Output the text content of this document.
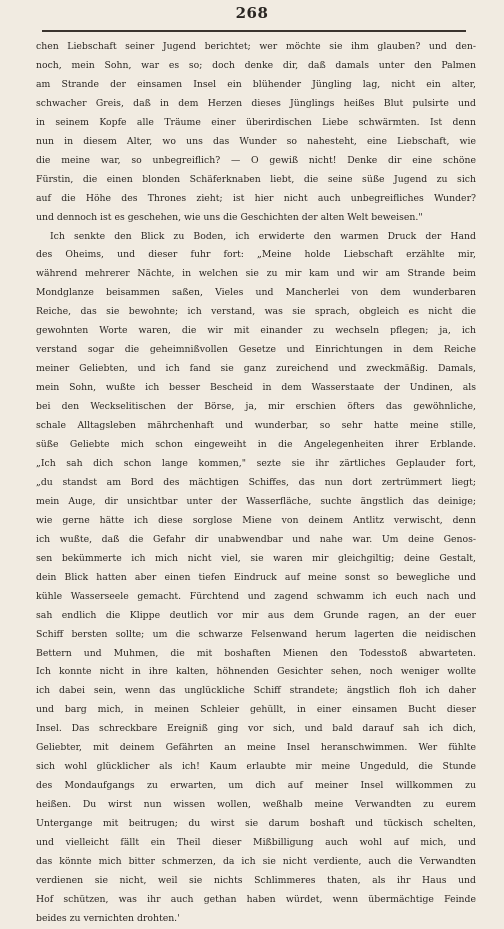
268
chen Liebschaft seiner Jugend berichtet; wer möchte sie ihm glauben? und den-
noch, mein Sohn, war es so; doch denke dir, daß damals unter den Palmen
am Strande der einsamen Insel ein blühender Jüngling lag, nicht ein alter,
schwacher Greis, daß in dem Herzen dieses Jünglings heißes Blut pulsirte und
in seinem Kopfe alle Träume einer überirdischen Liebe schwärmten. Ist denn
nun in diesem Alter, wo uns das Wunder so nahesteht, eine Liebschaft, wie
die meine war, so unbegreiflich? — O gewiß nicht! Denke dir eine schöne
Fürstin, die einen blonden Schäferknaben liebt, die seine süße Jugend zu sich
auf die Höhe des Thrones zieht; ist hier nicht auch unbegreifliches Wunder?
und dennoch ist es geschehen, wie uns die Geschichten der alten Welt beweisen."
Ich senkte den Blick zu Boden, ich erwiderte den warmen Druck der Hand
des Oheims, und dieser fuhr fort: „Meine holde Liebschaft erzählte mir,
während mehrerer Nächte, in welchen sie zu mir kam und wir am Strande beim
Mondglanze beisammen saßen, Vieles und Mancherlei von dem wunderbaren
Reiche, das sie bewohnte; ich verstand, was sie sprach, obgleich es nicht die
gewohnten Worte waren, die wir mit einander zu wechseln pflegen; ja, ich
verstand sogar die geheimnißvollen Gesetze und Einrichtungen in dem Reiche
meiner Geliebten, und ich fand sie ganz zureichend und zweckmäßig. Damals,
mein Sohn, wußte ich besser Bescheid in dem Wasserstaate der Undinen, als
bei den Weckselitischen der Börse, ja, mir erschien öfters das gewöhnliche,
schale Alltagsleben mährchenhaft und wunderbar, so sehr hatte meine stille,
süße Geliebte mich schon eingeweiht in die Angelegenheiten ihrer Erblande.
„Ich sah dich schon lange kommen," sezte sie ihr zärtliches Geplauder fort,
„du standst am Bord des mächtigen Schiffes, das nun dort zertrümmert liegt;
mein Auge, dir unsichtbar unter der Wasserfläche, suchte ängstlich das deinige;
wie gerne hätte ich diese sorglose Miene von deinem Antlitz verwischt, denn
ich wußte, daß die Gefahr dir unabwendbar und nahe war. Um deine Genos-
sen bekümmerte ich mich nicht viel, sie waren mir gleichgiltig; deine Gestalt,
dein Blick hatten aber einen tiefen Eindruck auf meine sonst so bewegliche und
kühle Wasserseele gemacht. Fürchtend und zagend schwamm ich euch nach und
sah endlich die Klippe deutlich vor mir aus dem Grunde ragen, an der euer
Schiff bersten sollte; um die schwarze Felsenwand herum lagerten die neidischen
Bettern und Muhmen, die mit boshaften Mienen den Todesstoß abwarteten.
Ich konnte nicht in ihre kalten, höhnenden Gesichter sehen, noch weniger wollte
ich dabei sein, wenn das unglückliche Schiff strandete; ängstlich floh ich daher
und barg mich, in meinen Schleier gehüllt, in einer einsamen Bucht dieser
Insel. Das schreckbare Ereigniß ging vor sich, und bald darauf sah ich dich,
Geliebter, mit deinem Gefährten an meine Insel heranschwimmen. Wer fühlte
sich wohl glücklicher als ich! Kaum erlaubte mir meine Ungeduld, die Stunde
des Mondaufgangs zu erwarten, um dich auf meiner Insel willkommen zu
heißen. Du wirst nun wissen wollen, weßhalb meine Verwandten zu eurem
Untergange mit beitrugen; du wirst sie darum boshaft und tückisch schelten,
und vielleicht fällt ein Theil dieser Mißbilligung auch wohl auf mich, und
das könnte mich bitter schmerzen, da ich sie nicht verdiente, auch die Verwandten
verdienen sie nicht, weil sie nichts Schlimmeres thaten, als ihr Haus und
Hof schützen, was ihr auch gethan haben würdet, wenn übermächtige Feinde
beides zu vernichten drohten.'
